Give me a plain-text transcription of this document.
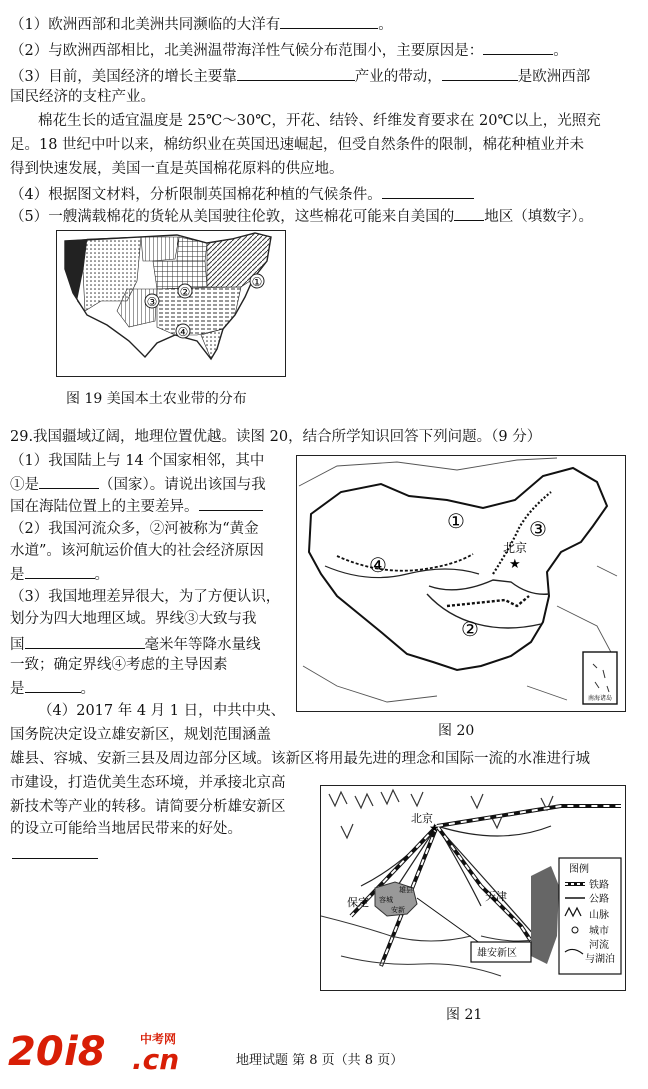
（1）欧洲西部和北美洲共同濒临的大洋有	。
（2）与欧洲西部相比，北美洲温带海洋性气候分布范围小，主要原因是：	。
（3）目前，美国经济的增长主要靠	产业的带动，	是欧洲西部
国民经济的支柱产业。
棉花生长的适宜温度是 25℃～30℃，开花、结铃、纤维发育要求在 20℃以上，光照充
足。18 世纪中叶以来，棉纺织业在英国迅速崛起，但受自然条件的限制，棉花种植业并未
得到快速发展，美国一直是英国棉花原料的供应地。
（4）根据图文材料，分析限制英国棉花种植的气候条件。
（5）一艘满载棉花的货轮从美国驶往伦敦，这些棉花可能来自美国的 地区（填数字）。
①
②
③
④
图 19 美国本土农业带的分布
29.我国疆域辽阔，地理位置优越。读图 20，结合所学知识回答下列问题。（9 分）
（1）我国陆上与 14 个国家相邻，其中
①是	（国家）。请说出该国与我
国在海陆位置上的主要差异。
（2）我国河流众多，②河被称为“黄金
水道”。该河航运价值大的社会经济原因
是	。
（3）我国地理差异很大，为了方便认识，
划分为四大地理区域。界线③大致与我
国	毫米年等降水量线
一致；确定界线④考虑的主导因素
是	。
（4）2017 年 4 月 1 日，中共中央、
国务院决定设立雄安新区，规划范围涵盖
雄县、容城、安新三县及周边部分区域。该新区将用最先进的理念和国际一流的水准进行城
市建设，打造优美生态环境，并承接北京高
新技术等产业的转移。请简要分析雄安新区
的设立可能给当地居民带来的好处。
①
②
③
④
北京
★
南海诸岛
图 20
北京
★
天津
保定
雄县
容城
安新
雄安新区
图例
铁路
公路
山脉
城市
河流
与湖泊
图 21
20 i8	中考网
.cn	地理试题 第 8 页（共 8 页）
